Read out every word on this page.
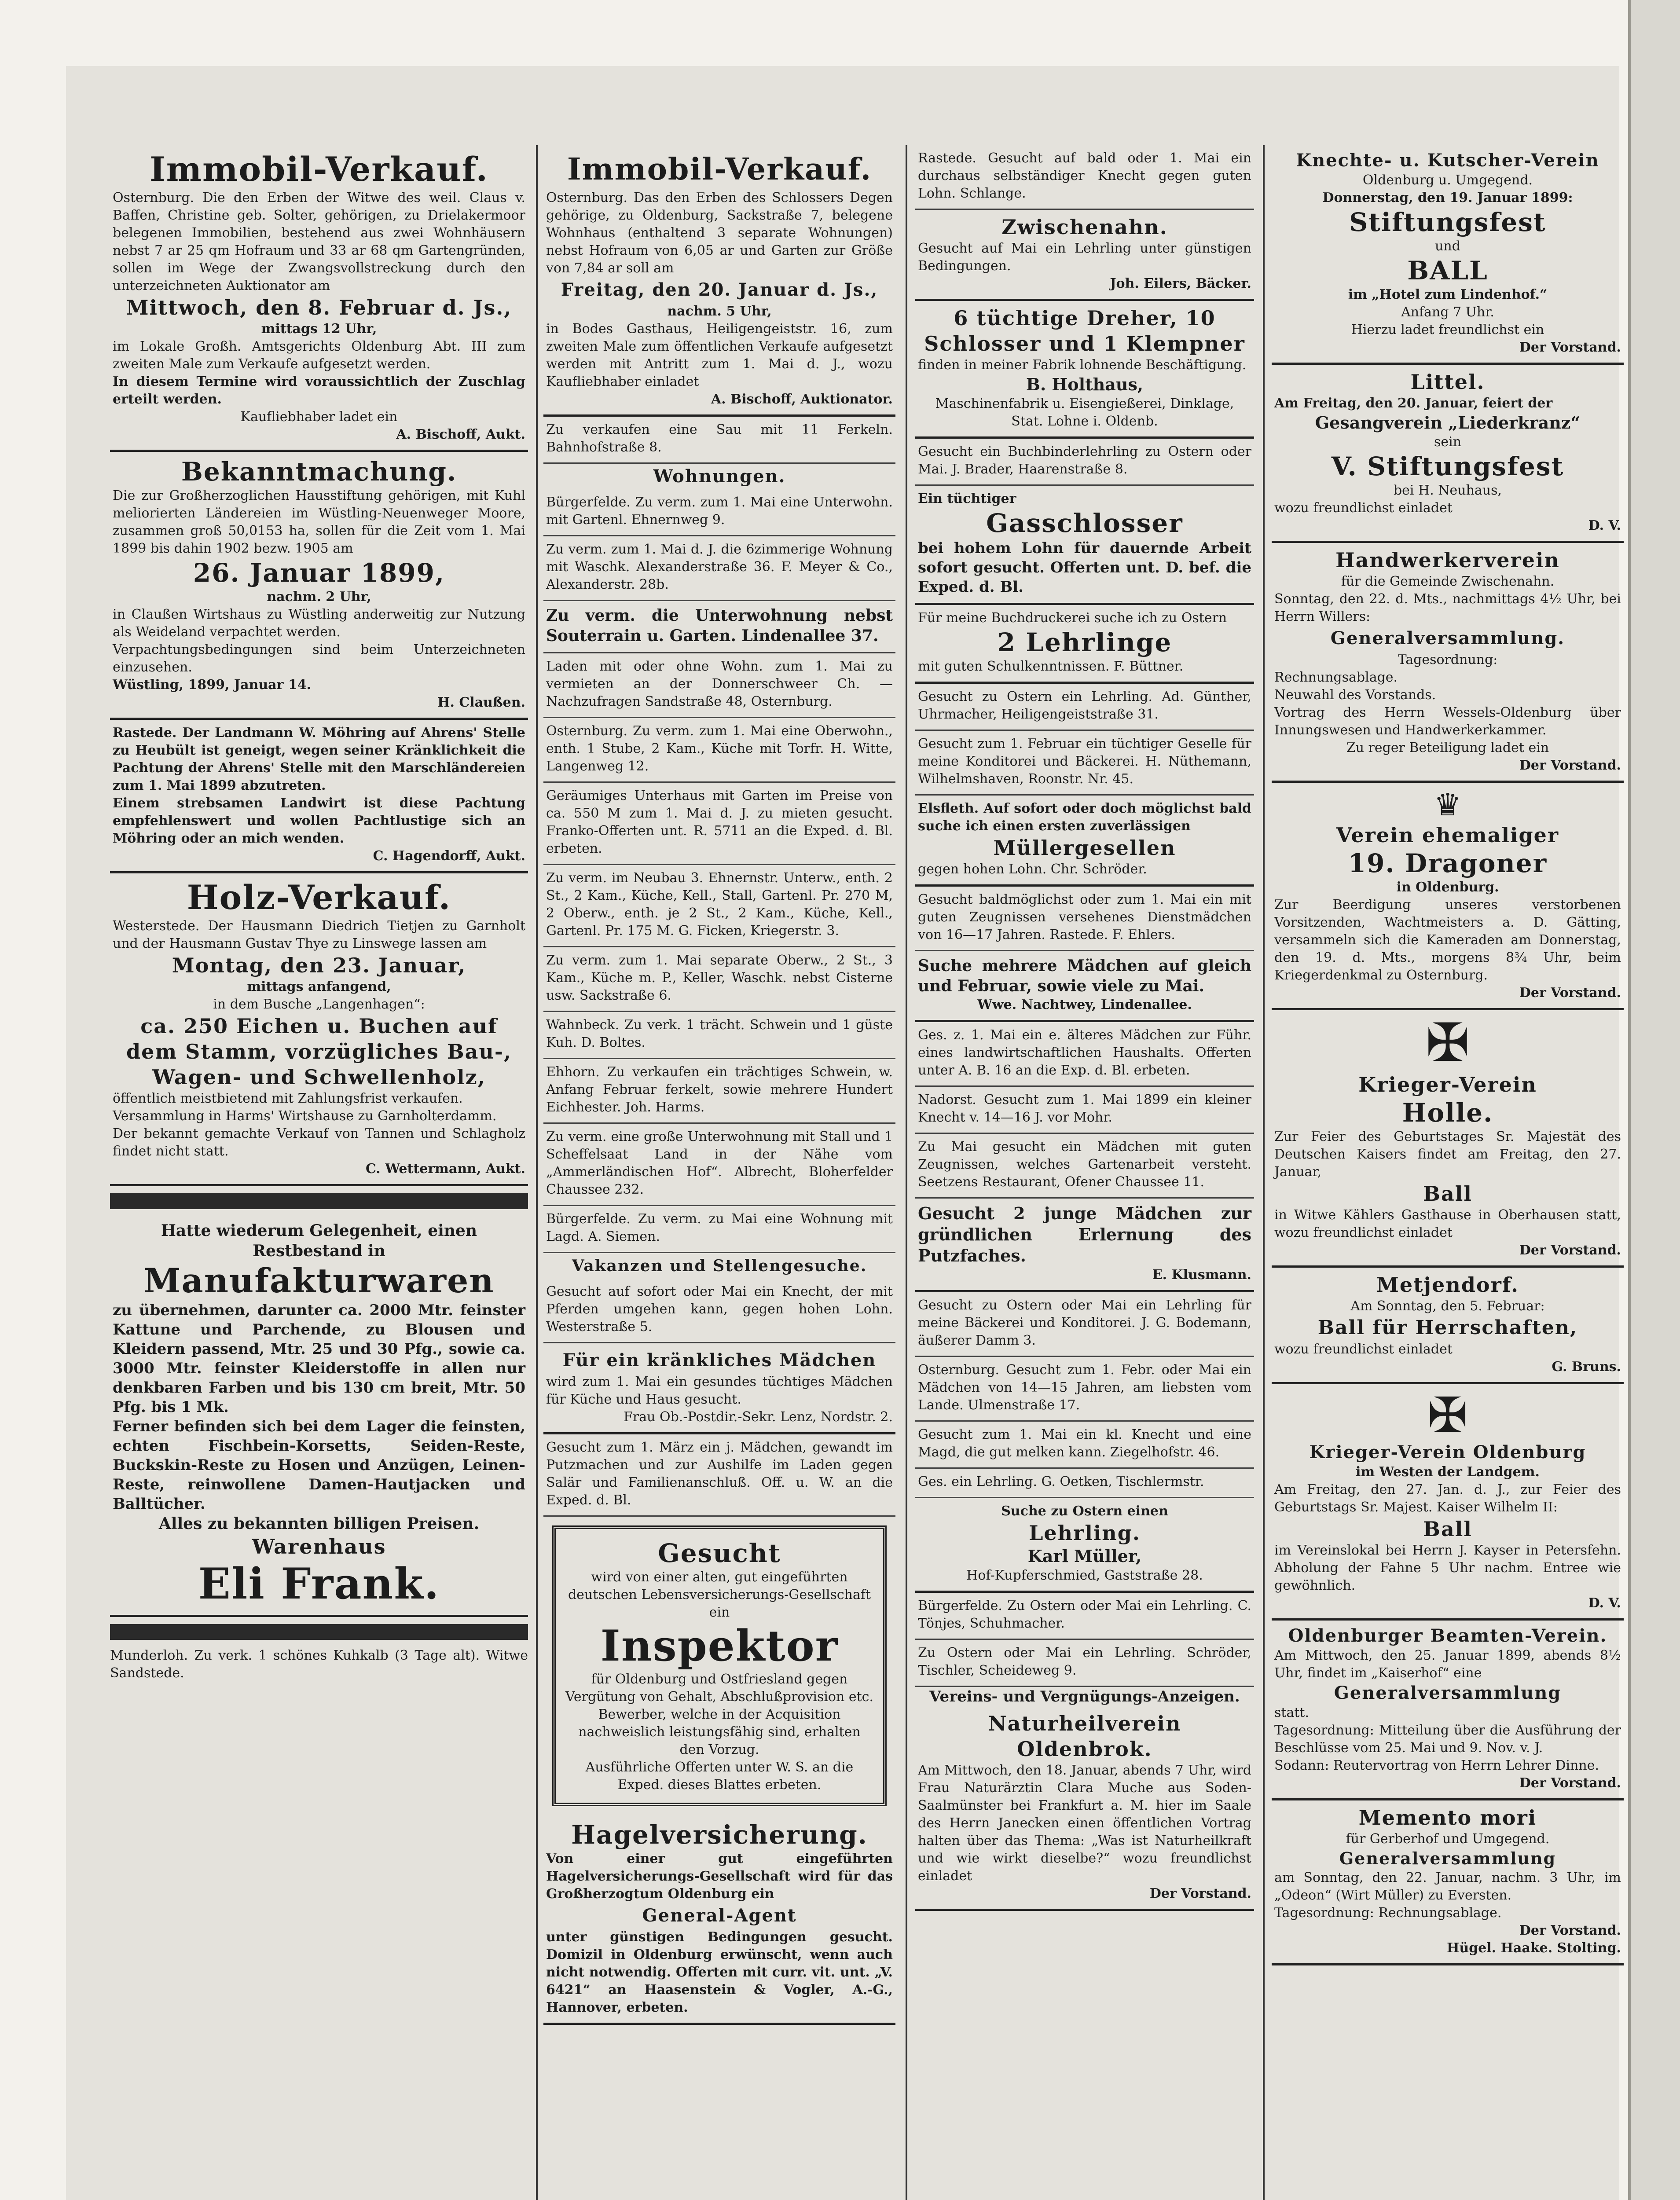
Immobil-Verkauf.
Osternburg. Die den Erben der Witwe des weil. Claus v. Baffen, Christine geb. Solter, gehörigen, zu Drielakermoor belegenen Immobilien, bestehend aus zwei Wohnhäusern nebst 7 ar 25 qm Hofraum und 33 ar 68 qm Gartengründen, sollen im Wege der Zwangsvollstreckung durch den unterzeichneten Auktionator am
Mittwoch, den 8. Februar d. Js.,
mittags 12 Uhr,
im Lokale Großh. Amtsgerichts Oldenburg Abt. III zum zweiten Male zum Verkaufe aufgesetzt werden.
In diesem Termine wird voraussichtlich der Zuschlag erteilt werden.
Kaufliebhaber ladet ein
A. Bischoff, Aukt.
Bekanntmachung.
Die zur Großherzoglichen Hausstiftung gehörigen, mit Kuhl meliorierten Ländereien im Wüstling-Neuenweger Moore, zusammen groß 50,0153 ha, sollen für die Zeit vom 1. Mai 1899 bis dahin 1902 bezw. 1905 am
26. Januar 1899,
nachm. 2 Uhr,
in Claußen Wirtshaus zu Wüstling anderweitig zur Nutzung als Weideland verpachtet werden.
Verpachtungsbedingungen sind beim Unterzeichneten einzusehen.
Wüstling, 1899, Januar 14.
H. Claußen.
Rastede. Der Landmann W. Möhring auf Ahrens' Stelle zu Heubült ist geneigt, wegen seiner Kränklichkeit die Pachtung der Ahrens' Stelle mit den Marschländereien zum 1. Mai 1899 abzutreten.
Einem strebsamen Landwirt ist diese Pachtung empfehlenswert und wollen Pachtlustige sich an Möhring oder an mich wenden.
C. Hagendorff, Aukt.
Holz-Verkauf.
Westerstede. Der Hausmann Diedrich Tietjen zu Garnholt und der Hausmann Gustav Thye zu Linswege lassen am
Montag, den 23. Januar,
mittags anfangend,
in dem Busche „Langenhagen“:
ca. 250 Eichen u. Buchen auf dem Stamm, vorzügliches Bau-, Wagen- und Schwellenholz,
öffentlich meistbietend mit Zahlungsfrist verkaufen.
Versammlung in Harms' Wirtshause zu Garnholterdamm.
Der bekannt gemachte Verkauf von Tannen und Schlagholz findet nicht statt.
C. Wettermann, Aukt.
Hatte wiederum Gelegenheit, einen Restbestand in
Manufakturwaren
zu übernehmen, darunter ca. 2000 Mtr. feinster Kattune und Parchende, zu Blousen und Kleidern passend, Mtr. 25 und 30 Pfg., sowie ca. 3000 Mtr. feinster Kleiderstoffe in allen nur denkbaren Farben und bis 130 cm breit, Mtr. 50 Pfg. bis 1 Mk.
Ferner befinden sich bei dem Lager die feinsten, echten Fischbein-Korsetts, Seiden-Reste, Buckskin-Reste zu Hosen und Anzügen, Leinen-Reste, reinwollene Damen-Hautjacken und Balltücher.
Alles zu bekannten billigen Preisen.
Warenhaus
Eli Frank.
Munderloh. Zu verk. 1 schönes Kuhkalb (3 Tage alt). Witwe Sandstede.
Immobil-Verkauf.
Osternburg. Das den Erben des Schlossers Degen gehörige, zu Oldenburg, Sackstraße 7, belegene Wohnhaus (enthaltend 3 separate Wohnungen) nebst Hofraum von 6,05 ar und Garten zur Größe von 7,84 ar soll am
Freitag, den 20. Januar d. Js.,
nachm. 5 Uhr,
in Bodes Gasthaus, Heiligengeiststr. 16, zum zweiten Male zum öffentlichen Verkaufe aufgesetzt werden mit Antritt zum 1. Mai d. J., wozu Kaufliebhaber einladet
A. Bischoff, Auktionator.
Zu verkaufen eine Sau mit 11 Ferkeln. Bahnhofstraße 8.
Wohnungen.
Bürgerfelde. Zu verm. zum 1. Mai eine Unterwohn. mit Gartenl. Ehnernweg 9.
Zu verm. zum 1. Mai d. J. die 6zimmerige Wohnung mit Waschk. Alexanderstraße 36. F. Meyer & Co., Alexanderstr. 28b.
Zu verm. die Unterwohnung nebst Souterrain u. Garten. Lindenallee 37.
Laden mit oder ohne Wohn. zum 1. Mai zu vermieten an der Donnerschweer Ch. — Nachzufragen Sandstraße 48, Osternburg.
Osternburg. Zu verm. zum 1. Mai eine Oberwohn., enth. 1 Stube, 2 Kam., Küche mit Torfr. H. Witte, Langenweg 12.
Geräumiges Unterhaus mit Garten im Preise von ca. 550 M zum 1. Mai d. J. zu mieten gesucht. Franko-Offerten unt. R. 5711 an die Exped. d. Bl. erbeten.
Zu verm. im Neubau 3. Ehnernstr. Unterw., enth. 2 St., 2 Kam., Küche, Kell., Stall, Gartenl. Pr. 270 M, 2 Oberw., enth. je 2 St., 2 Kam., Küche, Kell., Gartenl. Pr. 175 M. G. Ficken, Kriegerstr. 3.
Zu verm. zum 1. Mai separate Oberw., 2 St., 3 Kam., Küche m. P., Keller, Waschk. nebst Cisterne usw. Sackstraße 6.
Wahnbeck. Zu verk. 1 trächt. Schwein und 1 güste Kuh. D. Boltes.
Ehhorn. Zu verkaufen ein trächtiges Schwein, w. Anfang Februar ferkelt, sowie mehrere Hundert Eichhester. Joh. Harms.
Zu verm. eine große Unterwohnung mit Stall und 1 Scheffelsaat Land in der Nähe vom „Ammerländischen Hof“. Albrecht, Bloherfelder Chaussee 232.
Bürgerfelde. Zu verm. zu Mai eine Wohnung mit Lagd. A. Siemen.
Vakanzen und Stellengesuche.
Gesucht auf sofort oder Mai ein Knecht, der mit Pferden umgehen kann, gegen hohen Lohn. Westerstraße 5.
Für ein kränkliches Mädchen
wird zum 1. Mai ein gesundes tüchtiges Mädchen für Küche und Haus gesucht.
Frau Ob.-Postdir.-Sekr. Lenz, Nordstr. 2.
Gesucht zum 1. März ein j. Mädchen, gewandt im Putzmachen und zur Aushilfe im Laden gegen Salär und Familienanschluß. Off. u. W. an die Exped. d. Bl.
Gesucht
wird von einer alten, gut eingeführten deutschen Lebensversicherungs-Gesellschaft ein
Inspektor
für Oldenburg und Ostfriesland gegen Vergütung von Gehalt, Abschlußprovision etc.
Bewerber, welche in der Acquisition nachweislich leistungsfähig sind, erhalten den Vorzug.
Ausführliche Offerten unter W. S. an die Exped. dieses Blattes erbeten.
Hagelversicherung.
Von einer gut eingeführten Hagelversicherungs-Gesellschaft wird für das Großherzogtum Oldenburg ein
General-Agent
unter günstigen Bedingungen gesucht. Domizil in Oldenburg erwünscht, wenn auch nicht notwendig. Offerten mit curr. vit. unt. „V. 6421“ an Haasenstein & Vogler, A.-G., Hannover, erbeten.
Rastede. Gesucht auf bald oder 1. Mai ein durchaus selbständiger Knecht gegen guten Lohn. Schlange.
Zwischenahn.
Gesucht auf Mai ein Lehrling unter günstigen Bedingungen.
Joh. Eilers, Bäcker.
6 tüchtige Dreher, 10 Schlosser und 1 Klempner
finden in meiner Fabrik lohnende Beschäftigung.
B. Holthaus,
Maschinenfabrik u. Eisengießerei, Dinklage,
Stat. Lohne i. Oldenb.
Gesucht ein Buchbinderlehrling zu Ostern oder Mai. J. Brader, Haarenstraße 8.
Ein tüchtiger
Gasschlosser
bei hohem Lohn für dauernde Arbeit sofort gesucht. Offerten unt. D. bef. die Exped. d. Bl.
Für meine Buchdruckerei suche ich zu Ostern
2 Lehrlinge
mit guten Schulkenntnissen. F. Büttner.
Gesucht zu Ostern ein Lehrling. Ad. Günther, Uhrmacher, Heiligengeiststraße 31.
Gesucht zum 1. Februar ein tüchtiger Geselle für meine Konditorei und Bäckerei. H. Nüthemann, Wilhelmshaven, Roonstr. Nr. 45.
Elsfleth. Auf sofort oder doch möglichst bald suche ich einen ersten zuverlässigen
Müllergesellen
gegen hohen Lohn. Chr. Schröder.
Gesucht baldmöglichst oder zum 1. Mai ein mit guten Zeugnissen versehenes Dienstmädchen von 16—17 Jahren. Rastede. F. Ehlers.
Suche mehrere Mädchen auf gleich und Februar, sowie viele zu Mai.
Wwe. Nachtwey, Lindenallee.
Ges. z. 1. Mai ein e. älteres Mädchen zur Führ. eines landwirtschaftlichen Haushalts. Offerten unter A. B. 16 an die Exp. d. Bl. erbeten.
Nadorst. Gesucht zum 1. Mai 1899 ein kleiner Knecht v. 14—16 J. vor Mohr.
Zu Mai gesucht ein Mädchen mit guten Zeugnissen, welches Gartenarbeit versteht. Seetzens Restaurant, Ofener Chaussee 11.
Gesucht 2 junge Mädchen zur gründlichen Erlernung des Putzfaches.
E. Klusmann.
Gesucht zu Ostern oder Mai ein Lehrling für meine Bäckerei und Konditorei. J. G. Bodemann, äußerer Damm 3.
Osternburg. Gesucht zum 1. Febr. oder Mai ein Mädchen von 14—15 Jahren, am liebsten vom Lande. Ulmenstraße 17.
Gesucht zum 1. Mai ein kl. Knecht und eine Magd, die gut melken kann. Ziegelhofstr. 46.
Ges. ein Lehrling. G. Oetken, Tischlermstr.
Suche zu Ostern einen
Lehrling.
Karl Müller,
Hof-Kupferschmied, Gaststraße 28.
Bürgerfelde. Zu Ostern oder Mai ein Lehrling. C. Tönjes, Schuhmacher.
Zu Ostern oder Mai ein Lehrling. Schröder, Tischler, Scheideweg 9.
Vereins- und Vergnügungs-Anzeigen.
Naturheilverein Oldenbrok.
Am Mittwoch, den 18. Januar, abends 7 Uhr, wird Frau Naturärztin Clara Muche aus Soden-Saalmünster bei Frankfurt a. M. hier im Saale des Herrn Janecken einen öffentlichen Vortrag halten über das Thema: „Was ist Naturheilkraft und wie wirkt dieselbe?“ wozu freundlichst einladet
Der Vorstand.
Knechte- u. Kutscher-Verein
Oldenburg u. Umgegend.
Donnerstag, den 19. Januar 1899:
Stiftungsfest
und
BALL
im „Hotel zum Lindenhof.“
Anfang 7 Uhr.
Hierzu ladet freundlichst ein
Der Vorstand.
Littel.
Am Freitag, den 20. Januar, feiert der
Gesangverein „Liederkranz“
sein
V. Stiftungsfest
bei H. Neuhaus,
wozu freundlichst einladet
D. V.
Handwerkerverein
für die Gemeinde Zwischenahn.
Sonntag, den 22. d. Mts., nachmittags 4½ Uhr, bei Herrn Willers:
Generalversammlung.
Tagesordnung:
Rechnungsablage.
Neuwahl des Vorstands.
Vortrag des Herrn Wessels-Oldenburg über Innungswesen und Handwerkerkammer.
Zu reger Beteiligung ladet ein
Der Vorstand.
♛
Verein ehemaliger
19. Dragoner
in Oldenburg.
Zur Beerdigung unseres verstorbenen Vorsitzenden, Wachtmeisters a. D. Gätting, versammeln sich die Kameraden am Donnerstag, den 19. d. Mts., morgens 8¾ Uhr, beim Kriegerdenkmal zu Osternburg.
Der Vorstand.
✠
Krieger-Verein
Holle.
Zur Feier des Geburtstages Sr. Majestät des Deutschen Kaisers findet am Freitag, den 27. Januar,
Ball
in Witwe Kählers Gasthause in Oberhausen statt, wozu freundlichst einladet
Der Vorstand.
Metjendorf.
Am Sonntag, den 5. Februar:
Ball für Herrschaften,
wozu freundlichst einladet
G. Bruns.
✠
Krieger-Verein Oldenburg
im Westen der Landgem.
Am Freitag, den 27. Jan. d. J., zur Feier des Geburtstags Sr. Majest. Kaiser Wilhelm II:
Ball
im Vereinslokal bei Herrn J. Kayser in Petersfehn. Abholung der Fahne 5 Uhr nachm. Entree wie gewöhnlich.
D. V.
Oldenburger Beamten-Verein.
Am Mittwoch, den 25. Januar 1899, abends 8½ Uhr, findet im „Kaiserhof“ eine
Generalversammlung
statt.
Tagesordnung: Mitteilung über die Ausführung der Beschlüsse vom 25. Mai und 9. Nov. v. J.
Sodann: Reutervortrag von Herrn Lehrer Dinne.
Der Vorstand.
Memento mori
für Gerberhof und Umgegend.
Generalversammlung
am Sonntag, den 22. Januar, nachm. 3 Uhr, im „Odeon“ (Wirt Müller) zu Eversten.
Tagesordnung: Rechnungsablage.
Der Vorstand.
Hügel. Haake. Stolting.
